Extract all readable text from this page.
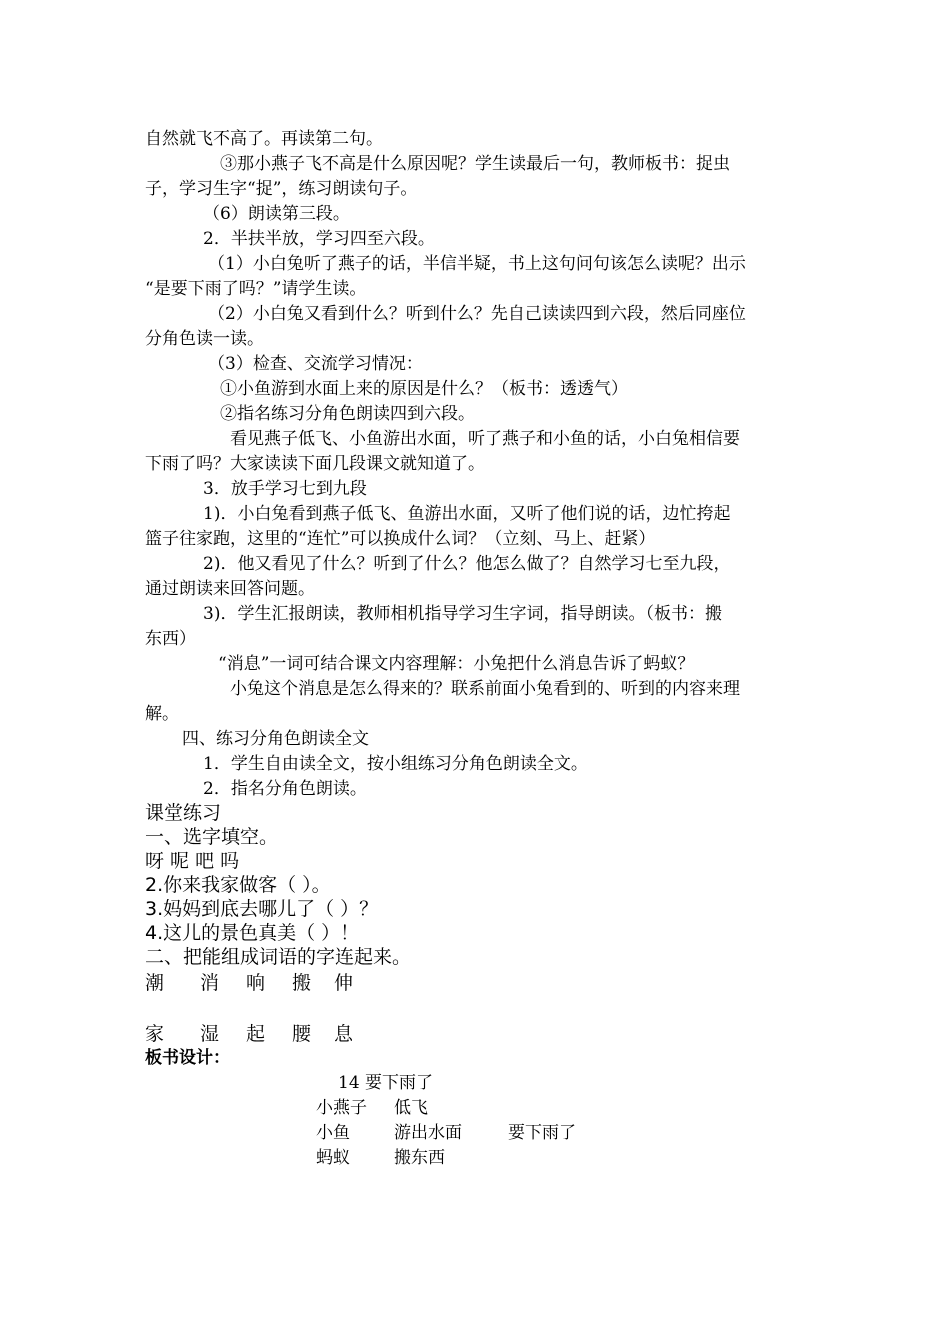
自然就飞不高了。再读第二句。
③那小燕子飞不高是什么原因呢？学生读最后一句，教师板书：捉虫
子，学习生字“捉”，练习朗读句子。
（6）朗读第三段。
2．半扶半放，学习四至六段。
（1）小白兔听了燕子的话，半信半疑，书上这句问句该怎么读呢？出示
“是要下雨了吗？”请学生读。
（2）小白兔又看到什么？听到什么？先自己读读四到六段，然后同座位
分角色读一读。
（3）检查、交流学习情况：
①小鱼游到水面上来的原因是什么？（板书：透透气）
②指名练习分角色朗读四到六段。
看见燕子低飞、小鱼游出水面，听了燕子和小鱼的话，小白兔相信要
下雨了吗？大家读读下面几段课文就知道了。
3．放手学习七到九段
1)．小白兔看到燕子低飞、鱼游出水面，又听了他们说的话，边忙挎起
篮子往家跑，这里的“连忙”可以换成什么词？（立刻、马上、赶紧）
2)．他又看见了什么？听到了什么？他怎么做了？自然学习七至九段，
通过朗读来回答问题。
3)．学生汇报朗读，教师相机指导学习生字词，指导朗读。（板书：搬
东西）
“消息”一词可结合课文内容理解：小兔把什么消息告诉了蚂蚁？
小兔这个消息是怎么得来的？联系前面小兔看到的、听到的内容来理
解。
四、练习分角色朗读全文
1．学生自由读全文，按小组练习分角色朗读全文。
2．指名分角色朗读。
课堂练习
一、选字填空。
呀 呢 吧 吗
2.你来我家做客（ ）。
3.妈妈到底去哪儿了（ ）？
4.这儿的景色真美（ ）！
二、把能组成词语的字连起来。
潮 消 响 搬 伸
家 湿 起 腰 息
板书设计：
14 要下雨了
小燕子 低飞
小鱼	游出水面	要下雨了
蚂蚁	搬东西
